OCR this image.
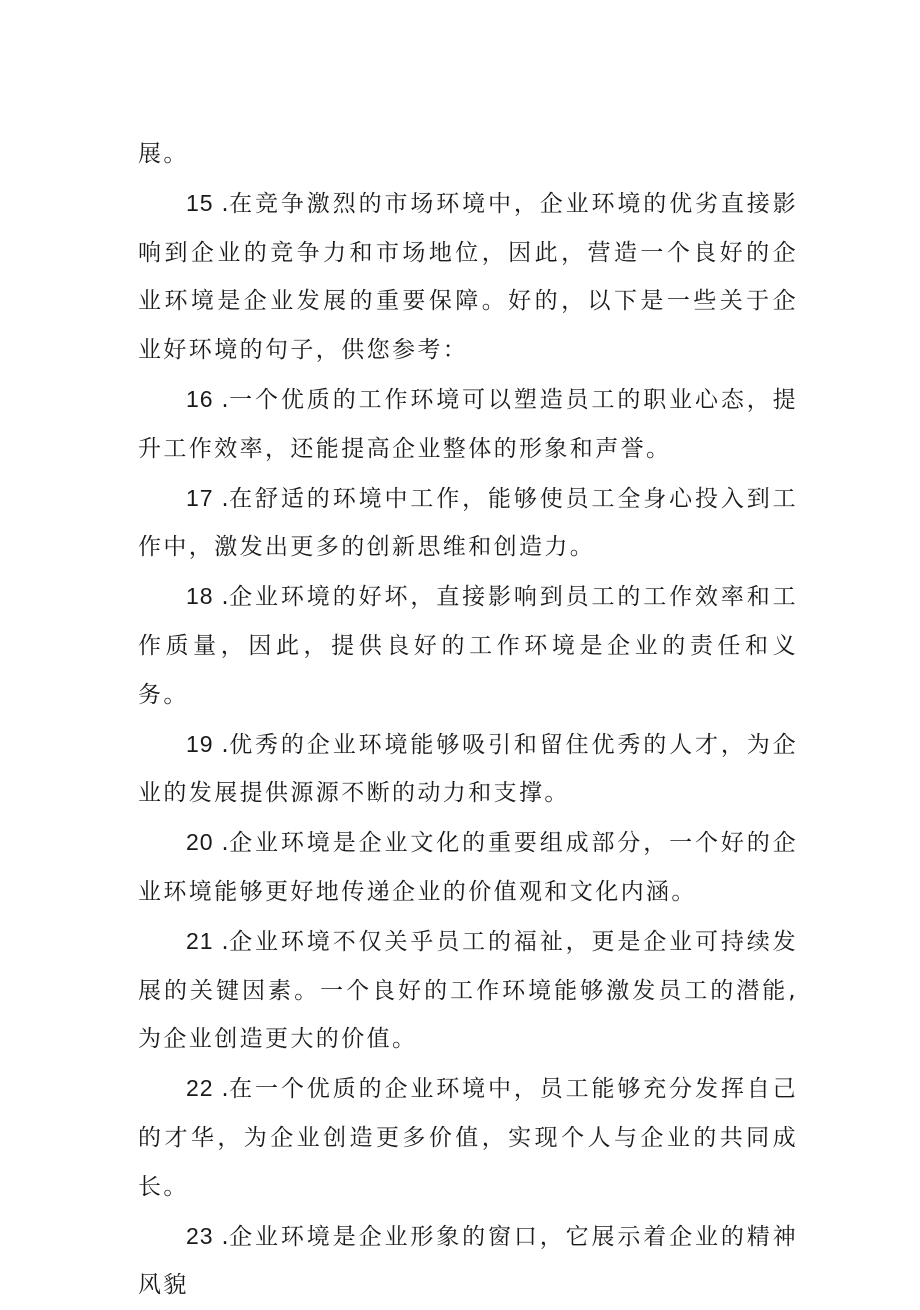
展。

15 .在竞争激烈的市场环境中，企业环境的优劣直接影响到企业的竞争力和市场地位，因此，营造一个良好的企业环境是企业发展的重要保障。好的，以下是一些关于企业好环境的句子，供您参考：

16 .一个优质的工作环境可以塑造员工的职业心态，提升工作效率，还能提高企业整体的形象和声誉。

17 .在舒适的环境中工作，能够使员工全身心投入到工作中，激发出更多的创新思维和创造力。

18 .企业环境的好坏，直接影响到员工的工作效率和工作质量，因此，提供良好的工作环境是企业的责任和义务。

19 .优秀的企业环境能够吸引和留住优秀的人才，为企业的发展提供源源不断的动力和支撑。

20 .企业环境是企业文化的重要组成部分，一个好的企业环境能够更好地传递企业的价值观和文化内涵。

21 .企业环境不仅关乎员工的福祉，更是企业可持续发展的关键因素。一个良好的工作环境能够激发员工的潜能,为企业创造更大的价值。

22 .在一个优质的企业环境中，员工能够充分发挥自己的才华，为企业创造更多价值，实现个人与企业的共同成长。

23 .企业环境是企业形象的窗口，它展示着企业的精神风貌
